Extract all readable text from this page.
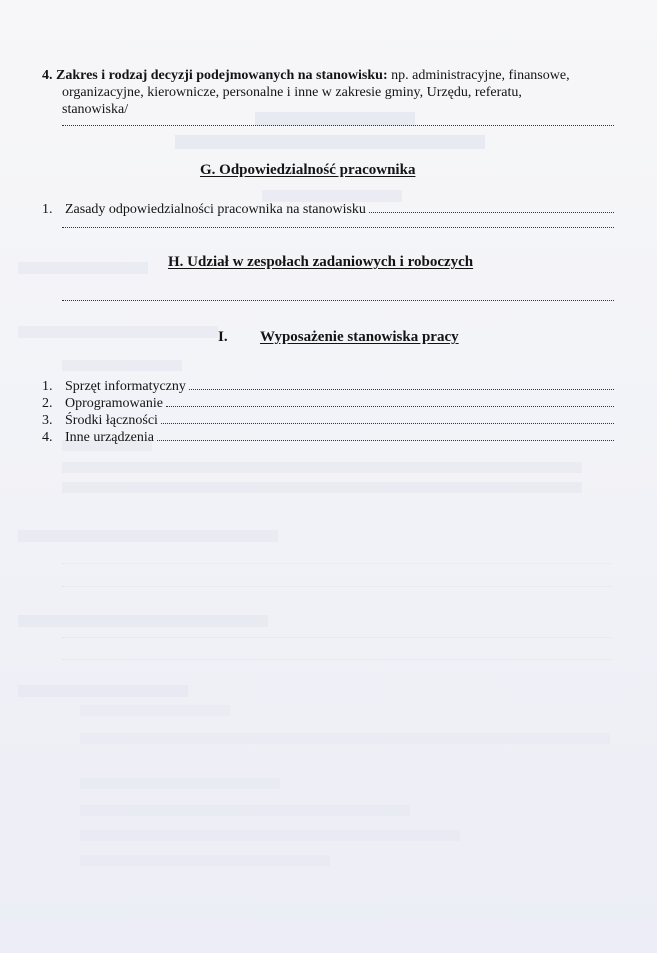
4. Zakres i rodzaj decyzji podejmowanych na stanowisku: np. administracyjne, finansowe,
organizacyjne, kierownicze, personalne i inne w zakresie gminy, Urzędu, referatu,
stanowiska/
G. Odpowiedzialność pracownika
1. Zasady odpowiedzialności pracownika na stanowisku
H. Udział w zespołach zadaniowych i roboczych
I. Wyposażenie stanowiska pracy
1. Sprzęt informatyczny
2. Oprogramowanie
3. Środki łączności
4. Inne urządzenia
